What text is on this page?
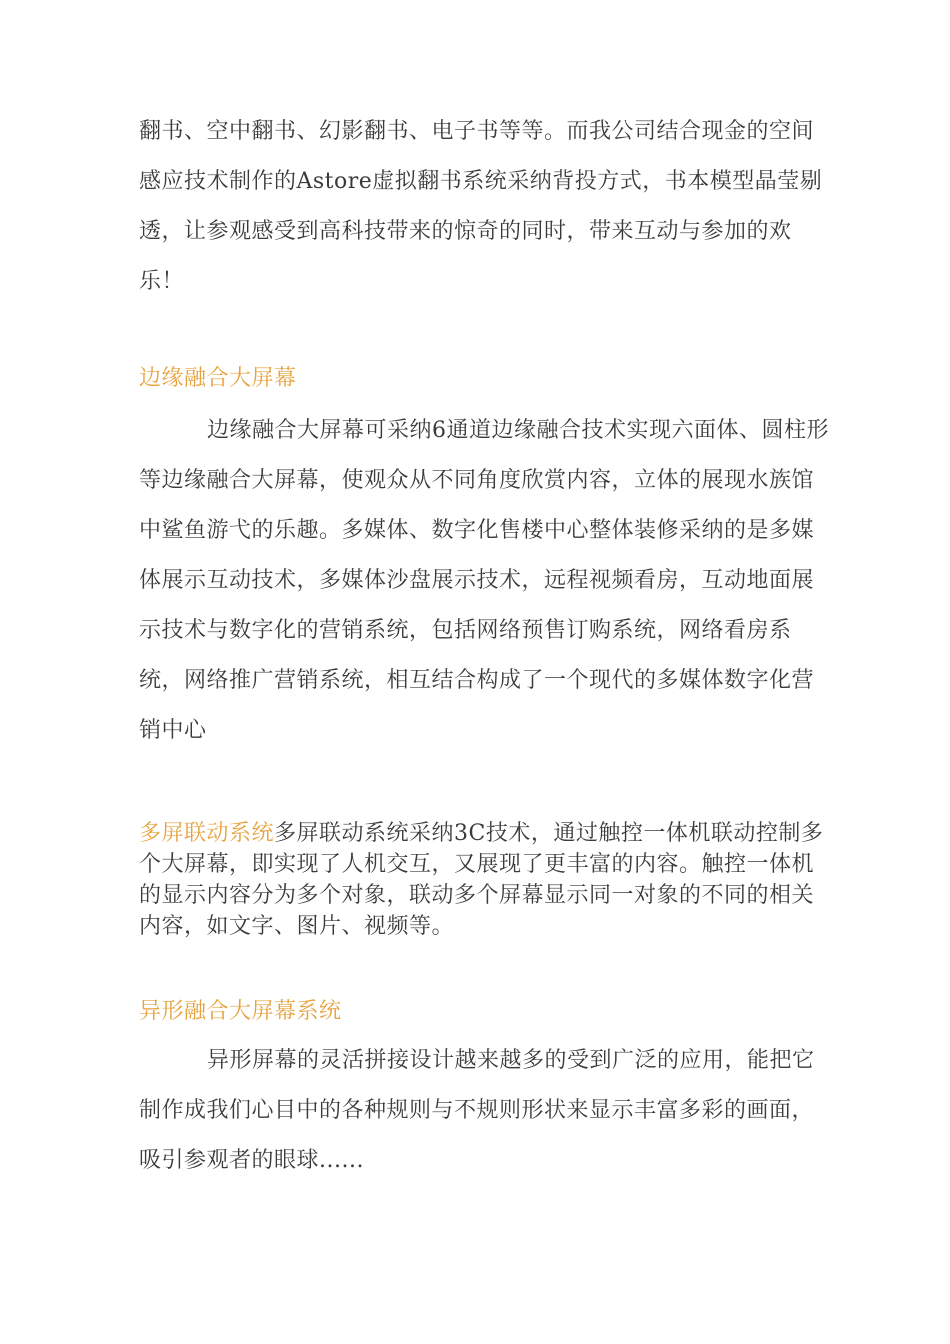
翻书、空中翻书、幻影翻书、电子书等等。而我公司结合现金的空间感应技术制作的Astore虚拟翻书系统采纳背投方式，书本模型晶莹剔透，让参观感受到高科技带来的惊奇的同时，带来互动与参加的欢乐！

边缘融合大屏幕

边缘融合大屏幕可采纳6通道边缘融合技术实现六面体、圆柱形等边缘融合大屏幕，使观众从不同角度欣赏内容，立体的展现水族馆中鲨鱼游弋的乐趣。多媒体、数字化售楼中心整体装修采纳的是多媒体展示互动技术，多媒体沙盘展示技术，远程视频看房，互动地面展示技术与数字化的营销系统，包括网络预售订购系统，网络看房系统，网络推广营销系统，相互结合构成了一个现代的多媒体数字化营销中心

多屏联动系统多屏联动系统采纳3C技术，通过触控一体机联动控制多个大屏幕，即实现了人机交互，又展现了更丰富的内容。触控一体机的显示内容分为多个对象，联动多个屏幕显示同一对象的不同的相关内容，如文字、图片、视频等。

异形融合大屏幕系统

异形屏幕的灵活拼接设计越来越多的受到广泛的应用，能把它制作成我们心目中的各种规则与不规则形状来显示丰富多彩的画面，吸引参观者的眼球......
